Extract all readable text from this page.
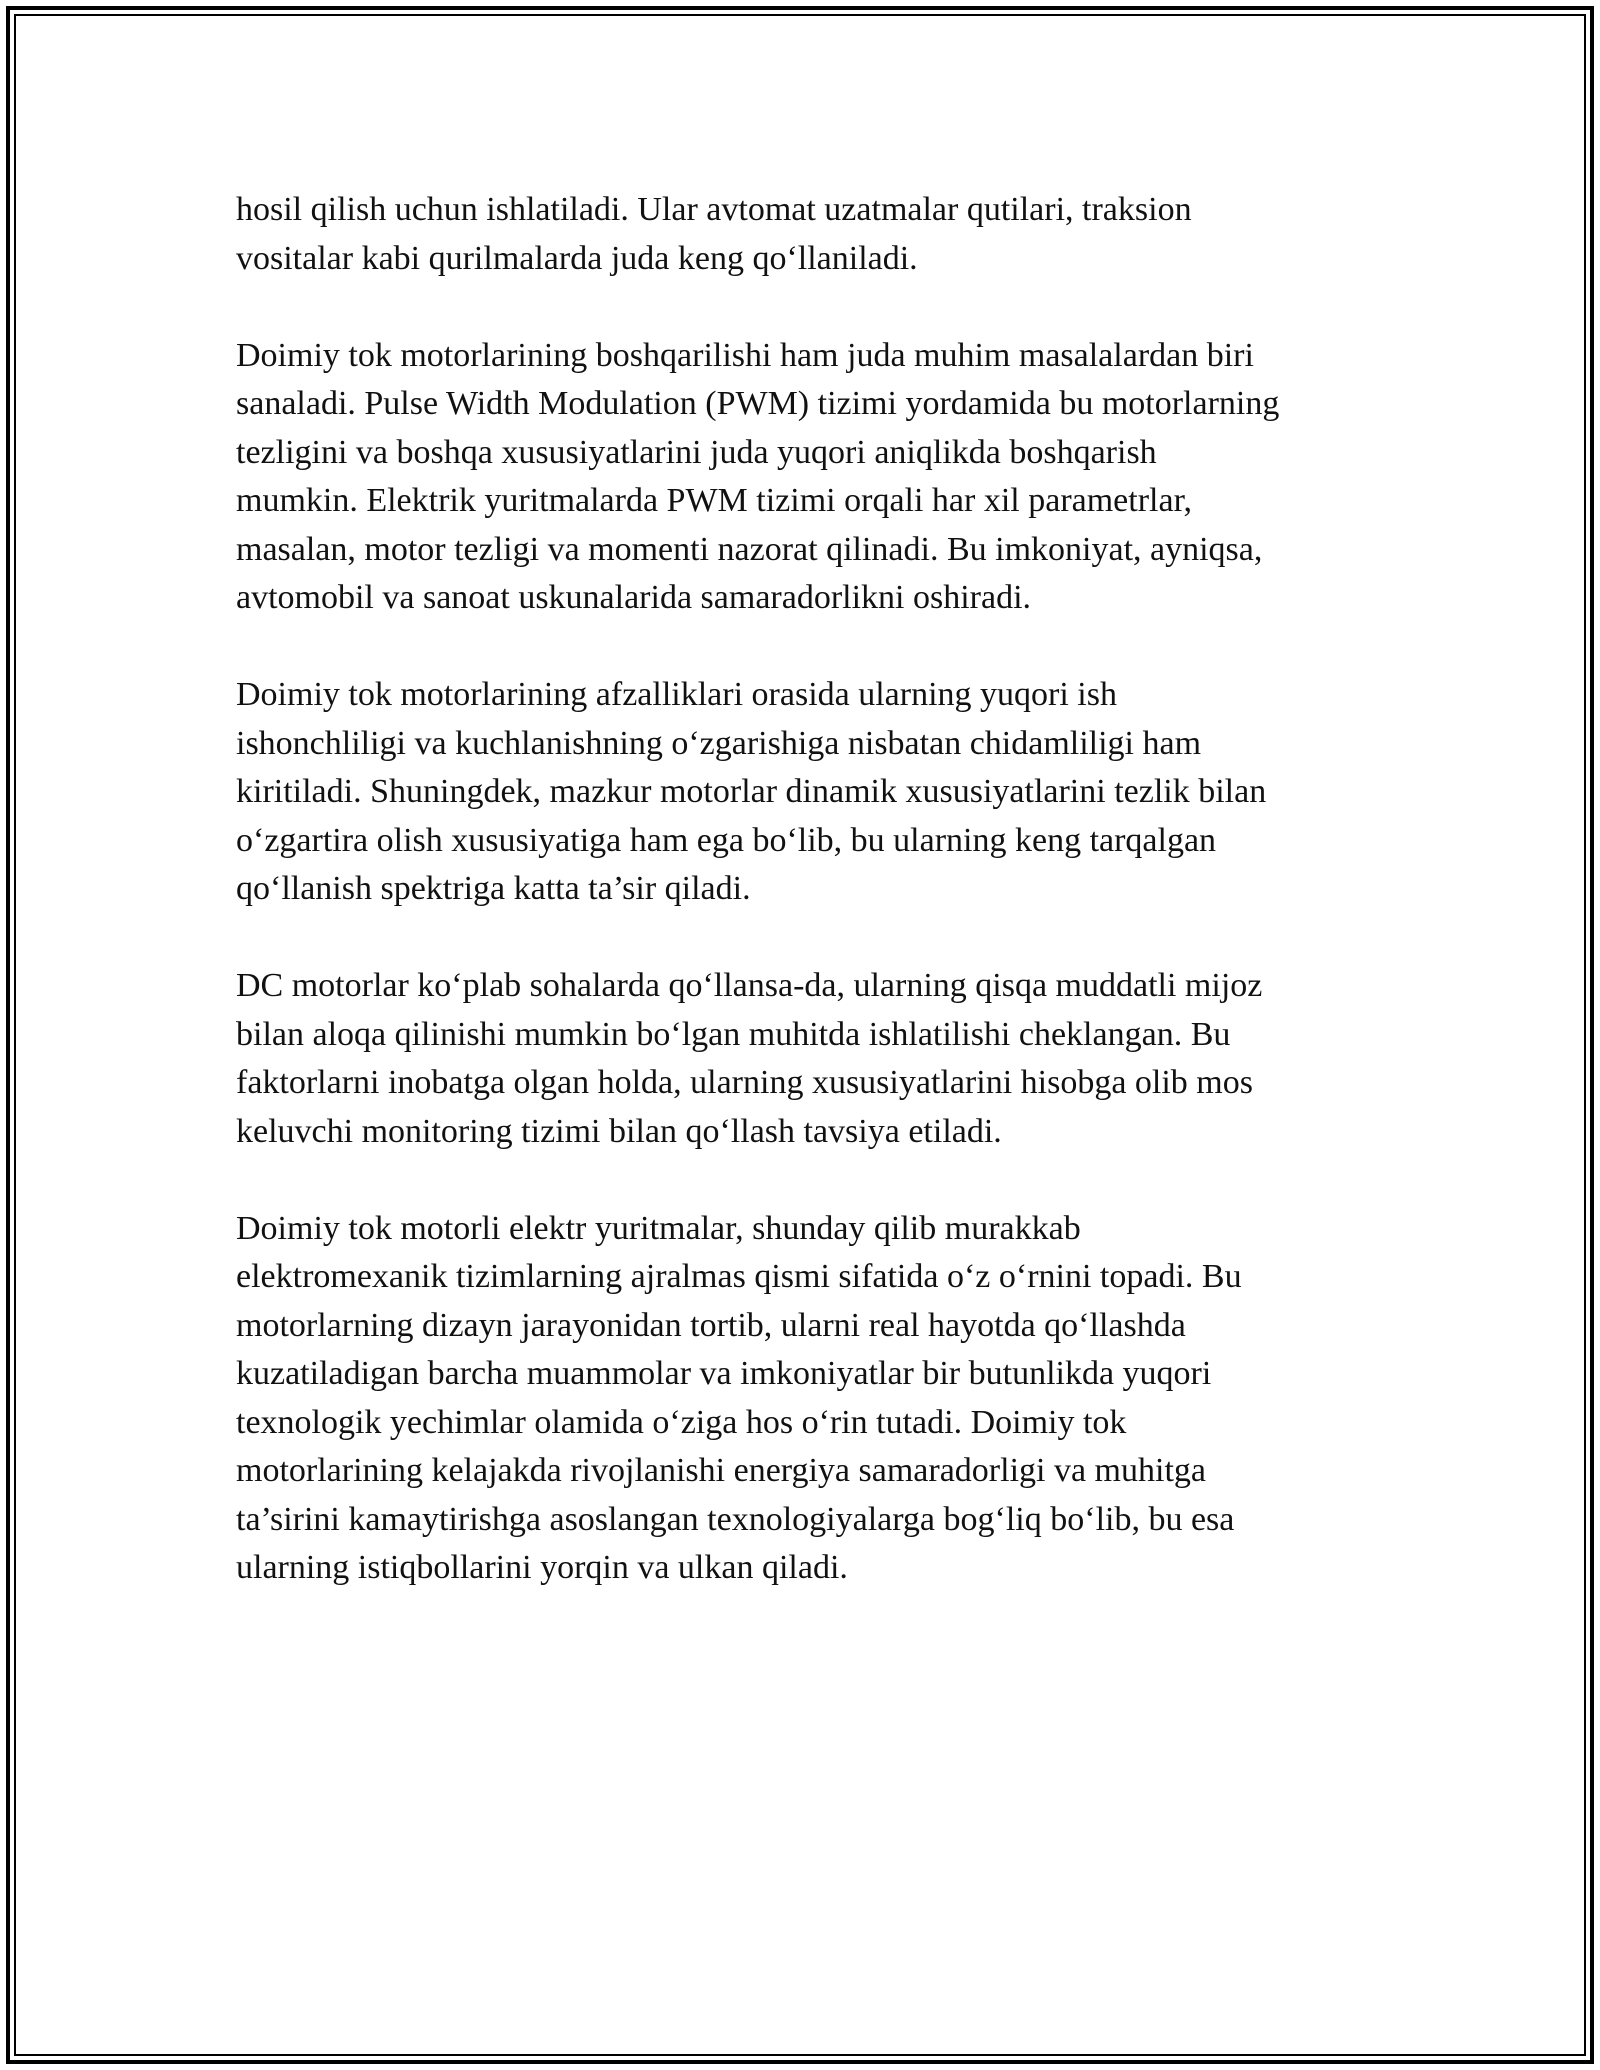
hosil qilish uchun ishlatiladi. Ular avtomat uzatmalar qutilari, traksion
vositalar kabi qurilmalarda juda keng qo‘llaniladi.

Doimiy tok motorlarining boshqarilishi ham juda muhim masalalardan biri
sanaladi. Pulse Width Modulation (PWM) tizimi yordamida bu motorlarning
tezligini va boshqa xususiyatlarini juda yuqori aniqlikda boshqarish
mumkin. Elektrik yuritmalarda PWM tizimi orqali har xil parametrlar,
masalan, motor tezligi va momenti nazorat qilinadi. Bu imkoniyat, ayniqsa,
avtomobil va sanoat uskunalarida samaradorlikni oshiradi.

Doimiy tok motorlarining afzalliklari orasida ularning yuqori ish
ishonchliligi va kuchlanishning o‘zgarishiga nisbatan chidamliligi ham
kiritiladi. Shuningdek, mazkur motorlar dinamik xususiyatlarini tezlik bilan
o‘zgartira olish xususiyatiga ham ega bo‘lib, bu ularning keng tarqalgan
qo‘llanish spektriga katta ta’sir qiladi.

DC motorlar ko‘plab sohalarda qo‘llansa-da, ularning qisqa muddatli mijoz
bilan aloqa qilinishi mumkin bo‘lgan muhitda ishlatilishi cheklangan. Bu
faktorlarni inobatga olgan holda, ularning xususiyatlarini hisobga olib mos
keluvchi monitoring tizimi bilan qo‘llash tavsiya etiladi.

Doimiy tok motorli elektr yuritmalar, shunday qilib murakkab
elektromexanik tizimlarning ajralmas qismi sifatida o‘z o‘rnini topadi. Bu
motorlarning dizayn jarayonidan tortib, ularni real hayotda qo‘llashda
kuzatiladigan barcha muammolar va imkoniyatlar bir butunlikda yuqori
texnologik yechimlar olamida o‘ziga hos o‘rin tutadi. Doimiy tok
motorlarining kelajakda rivojlanishi energiya samaradorligi va muhitga
ta’sirini kamaytirishga asoslangan texnologiyalarga bog‘liq bo‘lib, bu esa
ularning istiqbollarini yorqin va ulkan qiladi.
